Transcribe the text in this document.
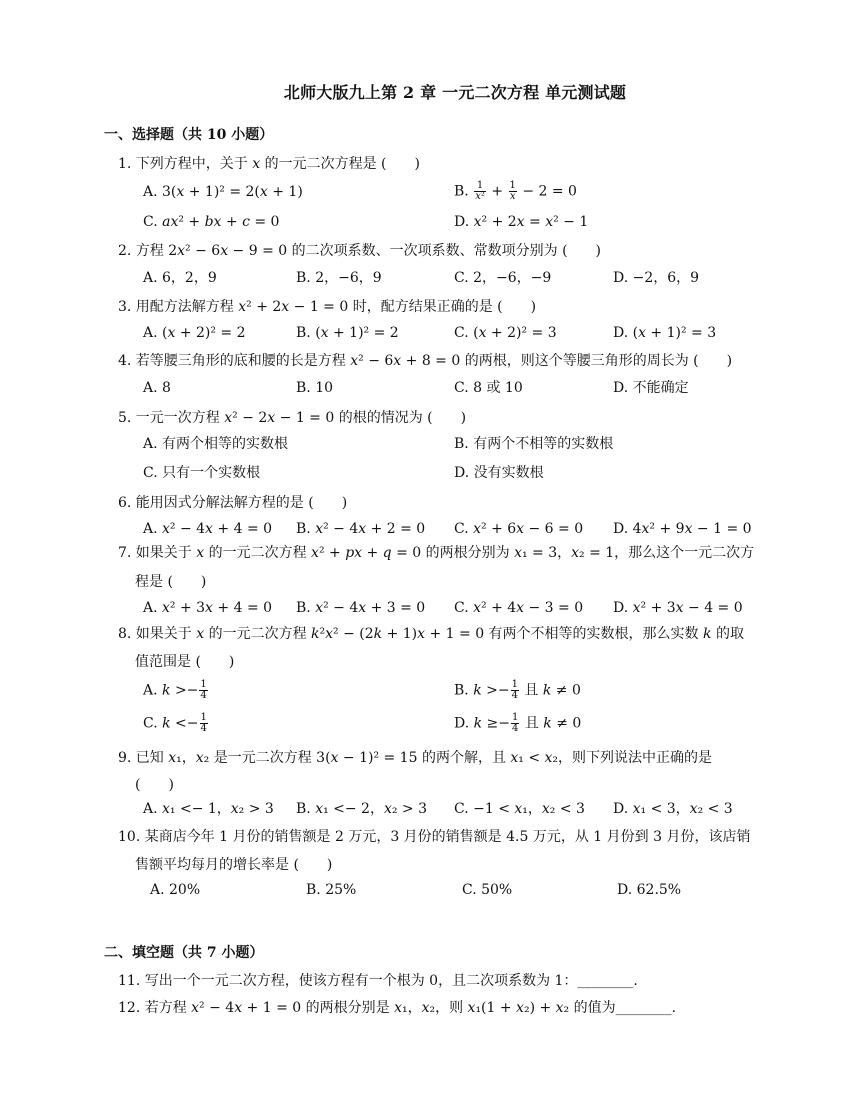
北师大版九上第 2 章 一元二次方程 单元测试题
一、选择题（共 10 小题）
1. 下列方程中，关于 𝑥 的一元二次方程是 (　　)
A. 3(𝑥 + 1)² = 2(𝑥 + 1)	B. $\frac{1}{\text{𝑥²}} + \frac{1}{\text{𝑥}} - 2 = 0$
C. 𝑎𝑥² + 𝑏𝑥 + 𝑐 = 0	D. 𝑥² + 2𝑥 = 𝑥² − 1
2. 方程 2𝑥² − 6𝑥 − 9 = 0 的二次项系数、一次项系数、常数项分别为 (　　)
A. 6，2，9	B. 2，−6，9	C. 2，−6，−9	D. −2，6，9
3. 用配方法解方程 𝑥² + 2𝑥 − 1 = 0 时，配方结果正确的是 (　　)
A. (𝑥 + 2)² = 2	B. (𝑥 + 1)² = 2	C. (𝑥 + 2)² = 3	D. (𝑥 + 1)² = 3
4. 若等腰三角形的底和腰的长是方程 𝑥² − 6𝑥 + 8 = 0 的两根，则这个等腰三角形的周长为 (　　)
A. 8	B. 10	C. 8 或 10	D. 不能确定
5. 一元一次方程 𝑥² − 2𝑥 − 1 = 0 的根的情况为 (　　)
A. 有两个相等的实数根	B. 有两个不相等的实数根
C. 只有一个实数根	D. 没有实数根
6. 能用因式分解法解方程的是 (　　)
A. 𝑥² − 4𝑥 + 4 = 0 B. 𝑥² − 4𝑥 + 2 = 0 C. 𝑥² + 6𝑥 − 6 = 0 D. 4𝑥² + 9𝑥 − 1 = 0
7. 如果关于 𝑥 的一元二次方程 𝑥² + 𝑝𝑥 + 𝑞 = 0 的两根分别为 𝑥₁ = 3，𝑥₂ = 1，那么这个一元二次方
程是 (　　)
A. 𝑥² + 3𝑥 + 4 = 0 B. 𝑥² − 4𝑥 + 3 = 0 C. 𝑥² + 4𝑥 − 3 = 0 D. 𝑥² + 3𝑥 − 4 = 0
8. 如果关于 𝑥 的一元二次方程 𝑘²𝑥² − (2𝑘 + 1)𝑥 + 1 = 0 有两个不相等的实数根，那么实数 𝑘 的取
值范围是 (　　)
A. 𝑘 >− $\frac{1}{4}$	B. 𝑘 >− $\frac{1}{4}$ 且 𝑘 ≠ 0
C. 𝑘 <− $\frac{1}{4}$	D. 𝑘 ≥− $\frac{1}{4}$ 且 𝑘 ≠ 0
9. 已知 𝑥₁，𝑥₂ 是一元二次方程 3(𝑥 − 1)² = 15 的两个解，且 𝑥₁ < 𝑥₂，则下列说法中正确的是
(　　)
A. 𝑥₁ <− 1，𝑥₂ > 3 B. 𝑥₁ <− 2，𝑥₂ > 3 C. −1 < 𝑥₁，𝑥₂ < 3 D. 𝑥₁ < 3，𝑥₂ < 3
10. 某商店今年 1 月份的销售额是 2 万元，3 月份的销售额是 4.5 万元，从 1 月份到 3 月份，该店销
售额平均每月的增长率是 (　　)
A. 20%	B. 25%	C. 50%	D. 62.5%
二、填空题（共 7 小题）
11. 写出一个一元二次方程，使该方程有一个根为 0，且二次项系数为 1：________.
12. 若方程 𝑥² − 4𝑥 + 1 = 0 的两根分别是 𝑥₁，𝑥₂，则 𝑥₁(1 + 𝑥₂) + 𝑥₂ 的值为________.
